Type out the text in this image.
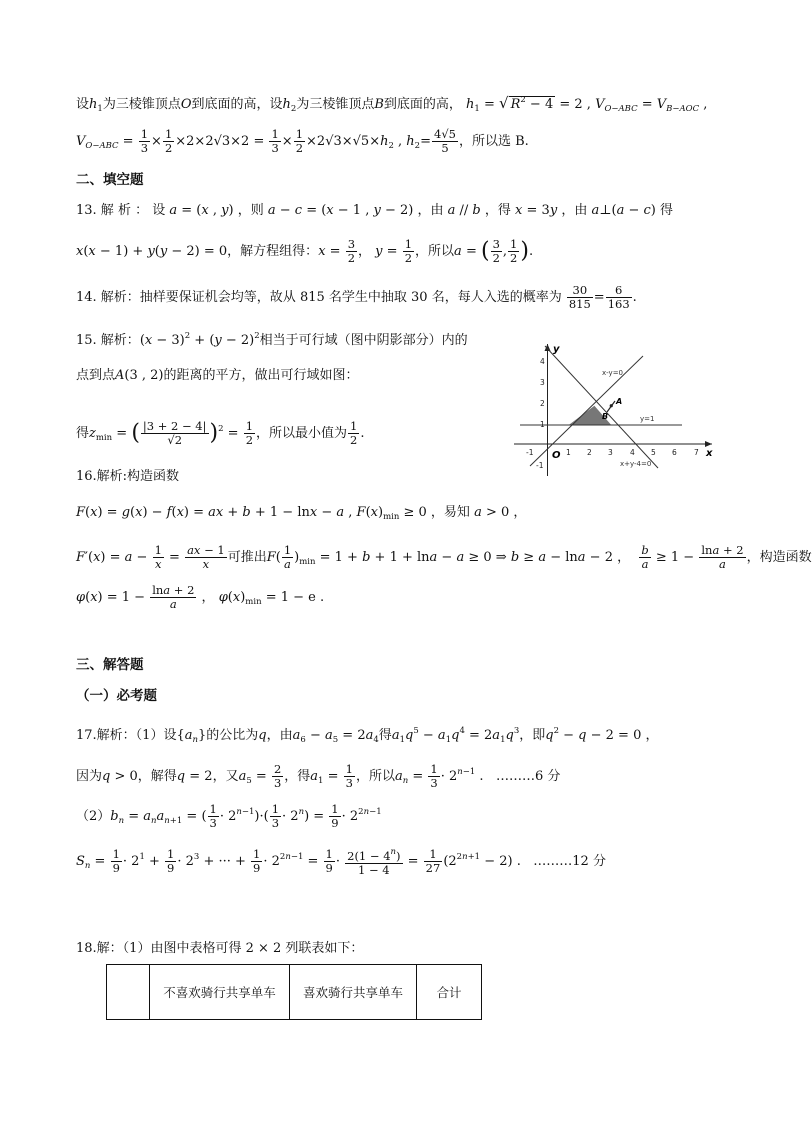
设$h_1$为三棱锥顶点O到底面的高，设$h_2$为三棱锥顶点B到底面的高， $h_1$ = √ $R^2 - 4 = 2$ , $V_{O-ABC} = V_{B-AOC}$ ,
$V_{O-ABC} = \frac{1}{3} \times \frac{1}{2} \times 2\times 2√3\times 2 = \frac{1}{3} \times \frac{1}{2} \times 2√3\times√5\times h_2$ , $h_2= \frac{4√5}{5}$ ，所以选 B.
二、填空题
13. 解 析 ： 设 a = (x , y) ，则 a − c = (x − 1 , y − 2) ，由 a // b ，得 x = 3y ，由 a⊥(a − c) 得
x(x − 1) + y(y − 2) = 0，解方程组得：$x = \frac{3}{2}$ ， $y = \frac{1}{2}$ ，所以a = ( $\frac{3}{2}$ , $\frac{1}{2}$ ).
14. 解析：抽样要保证机会均等，故从 815 名学生中抽取 30 名，每人入选的概率为 $\frac{30}{815} = \frac{6}{163}$ .
15. 解析：$(x - 3)^2 + (y - 2)^2$相当于可行域（图中阴影部分）内的
点到点A(3 , 2)的距离的平方，做出可行域如图：
得$z_{min}$ = ( $\frac{|3 + 2 - 4|}{√2} )^2 = \frac{1}{2}$ ，所以最小值为 $\frac{1}{2}$ .
-1	1 2 3 4 5 6 7
4
3
2
1
-1
y
x
O
x-y=0
y=1
x+y-4=0
A
B
16.解析:构造函数
F(x) = g(x) − f(x) = ax + b + 1 − lnx − a , $F(x)_{min} \ge 0$ ，易知 a > 0 ，
$F'(x) = a - \frac{1}{x} = \frac{ax - 1}{x}$ 可推出$F( \frac{1}{a} )_{min} = 1 + b + 1 + \ln a - a \ge 0$ ⇒ b ≥ a − lna − 2 ， $\frac{b}{a} \ge 1 - \frac{\ln a + 2}{a}$ ，构造函数
$\varphi(x) = 1 - \frac{\ln a + 2}{a}$ ， $\varphi(x)_{min} = 1 - e$ .
三、解答题
（一）必考题
17.解析：（1）设$\{a_n\}$的公比为q，由$a_6 - a_5 = 2a_4$得$a_1q^5 - a_1q^4 = 2a_1q^3$，即$q^2 - q - 2 = 0$ ，
因为q > 0，解得q = 2，又$a_5 = \frac{2}{3}$ ，得$a_1 = \frac{1}{3}$ ，所以$a_n = \frac{1}{3} \cdot 2^{n-1}$ .   ………6 分
$(2)b_n = a_na_{n+1}$ = ( $\frac{1}{3} \cdot 2^{n-1})\cdot( \frac{1}{3} \cdot 2^n) = \frac{1}{9} \cdot 2^{2n-1}$
$S_n = \frac{1}{9} \cdot 2^1 + \frac{1}{9} \cdot 2^3$ + ··· + $\frac{1}{9} \cdot 2^{2n-1} = \frac{1}{9} \cdot \frac{2(1 - 4^n)}{1 - 4} = \frac{1}{27} (2^{2n+1} - 2)$ .   ………12 分
18.解：（1）由图中表格可得 2 × 2 列联表如下：
	不喜欢骑行共享单车	喜欢骑行共享单车	合计
